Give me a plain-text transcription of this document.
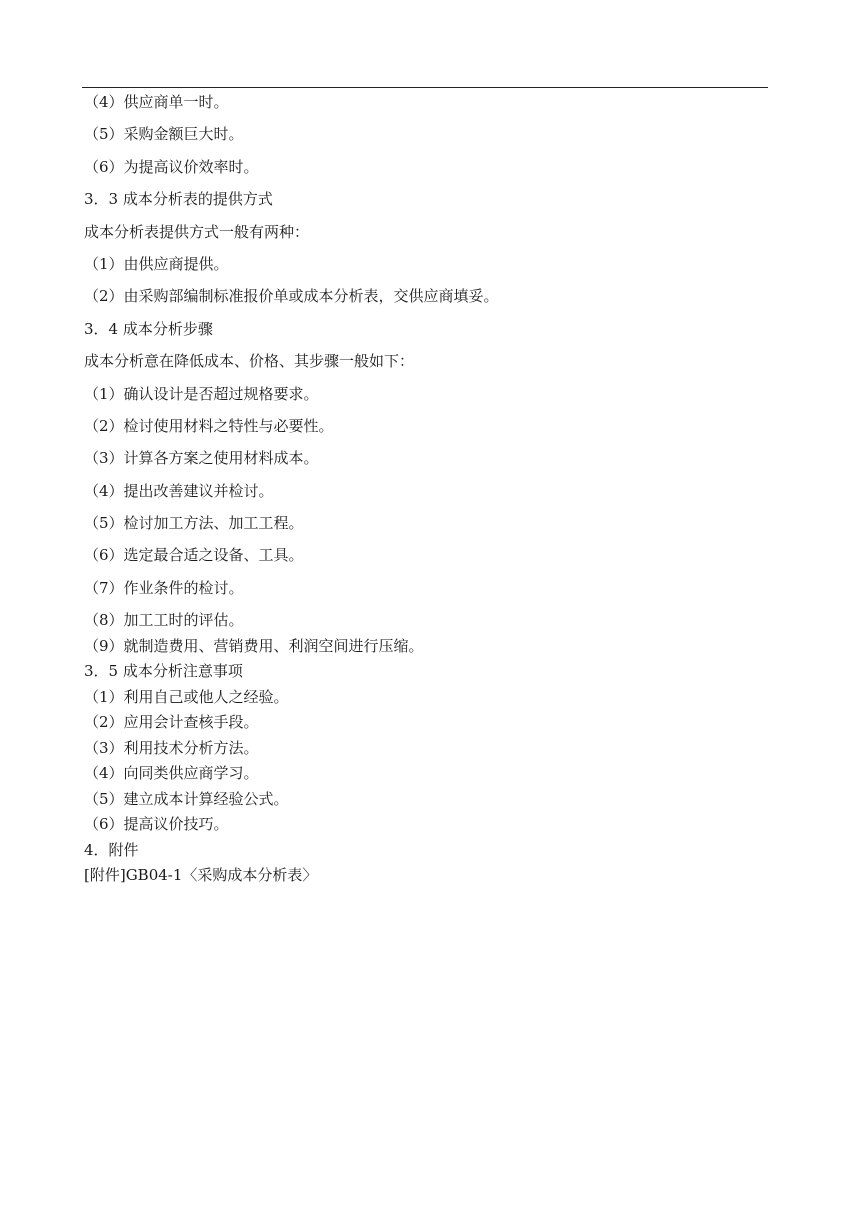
（4）供应商单一时。

（5）采购金额巨大时。

（6）为提高议价效率时。

3．3 成本分析表的提供方式

成本分析表提供方式一般有两种：

（1）由供应商提供。

（2）由采购部编制标准报价单或成本分析表，交供应商填妥。

3．4 成本分析步骤

成本分析意在降低成本、价格、其步骤一般如下：

（1）确认设计是否超过规格要求。

（2）检讨使用材料之特性与必要性。

（3）计算各方案之使用材料成本。

（4）提出改善建议并检讨。

（5）检讨加工方法、加工工程。

（6）选定最合适之设备、工具。

（7）作业条件的检讨。

（8）加工工时的评估。

（9）就制造费用、营销费用、利润空间进行压缩。

3．5 成本分析注意事项

（1）利用自己或他人之经验。

（2）应用会计查核手段。

（3）利用技术分析方法。

（4）向同类供应商学习。

（5）建立成本计算经验公式。

（6）提高议价技巧。

4．附件

[附件]GB04-1〈采购成本分析表〉
